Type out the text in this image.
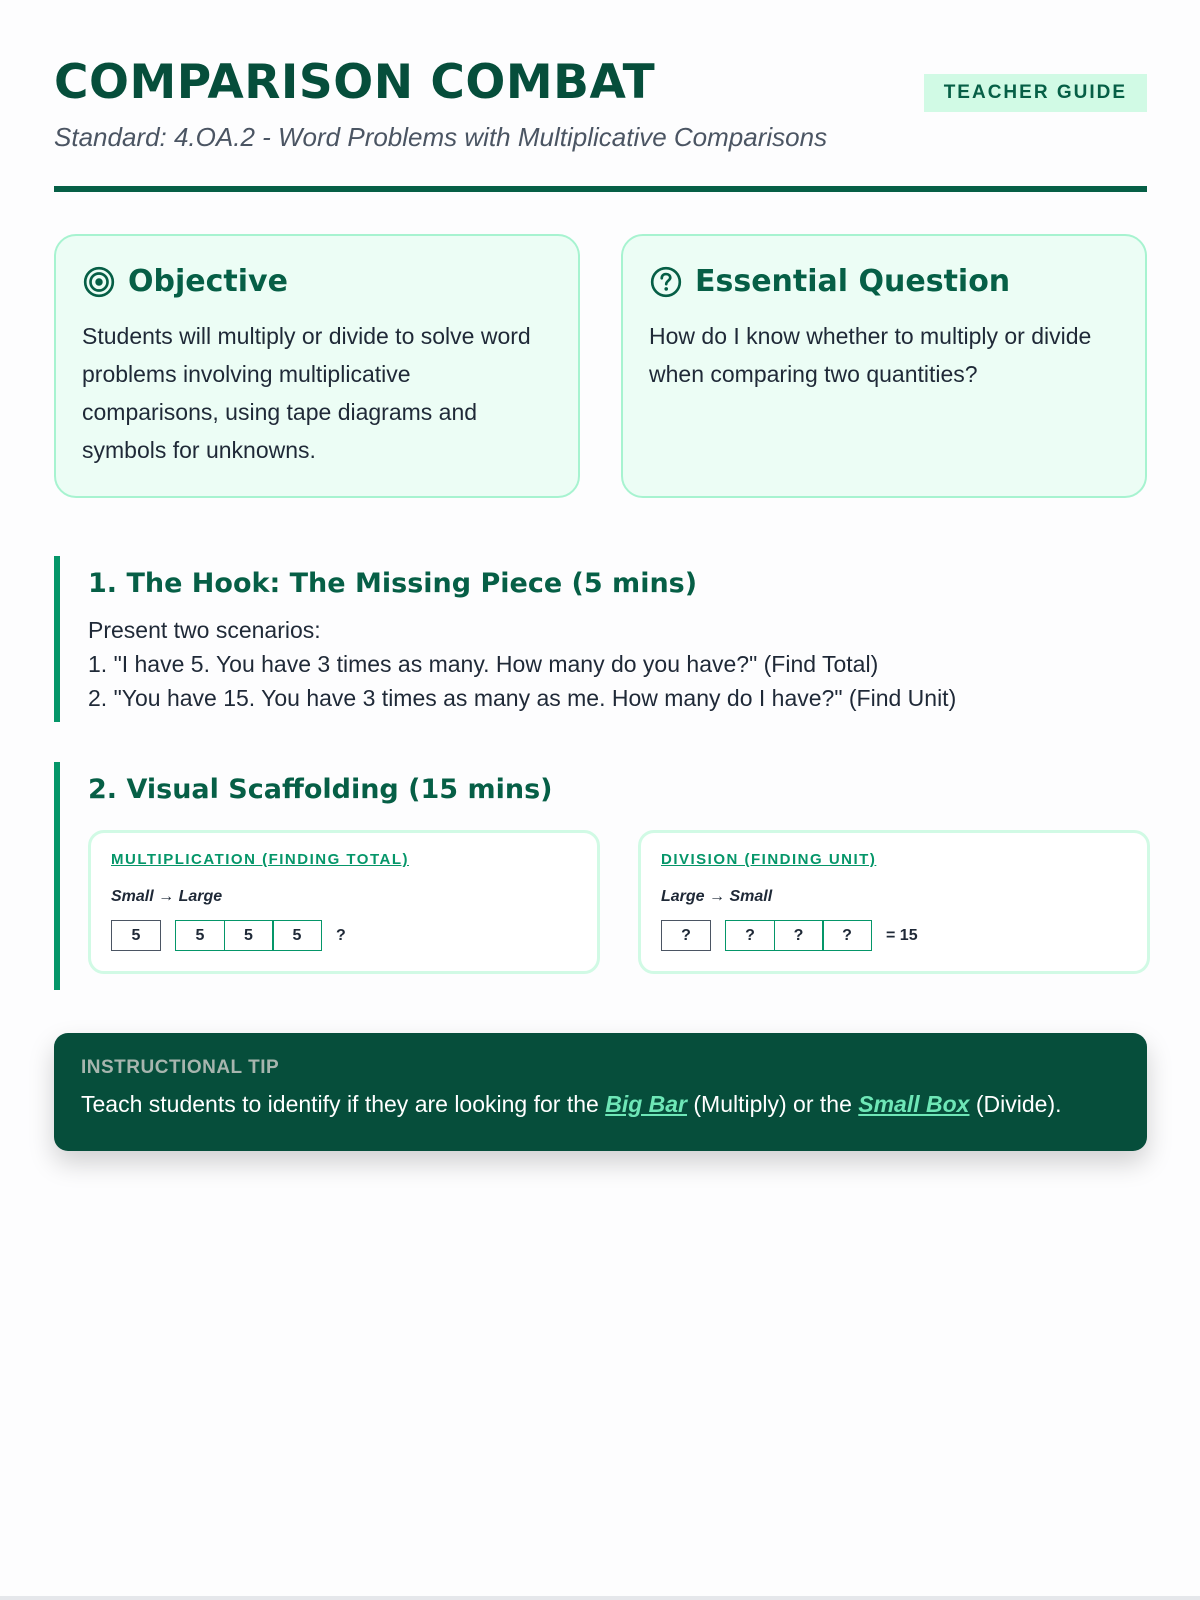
COMPARISON COMBAT
Standard: 4.OA.2 - Word Problems with Multiplicative Comparisons
TEACHER GUIDE
Objective

Students will multiply or divide to solve word problems involving multiplicative comparisons, using tape diagrams and symbols for unknowns.

Essential Question

How do I know whether to multiply or divide when comparing two quantities?

1. The Hook: The Missing Piece (5 mins)
Present two scenarios:
1. "I have 5. You have 3 times as many. How many do you have?" (Find Total)
2. "You have 15. You have 3 times as many as me. How many do I have?" (Find Unit)
2. Visual Scaffolding (15 mins)
MULTIPLICATION (FINDING TOTAL)
Small → Large
5	5	5	5	?
DIVISION (FINDING UNIT)
Large → Small
?	?	?	?	= 15
INSTRUCTIONAL TIP
Teach students to identify if they are looking for the Big Bar (Multiply) or the Small Box (Divide).
